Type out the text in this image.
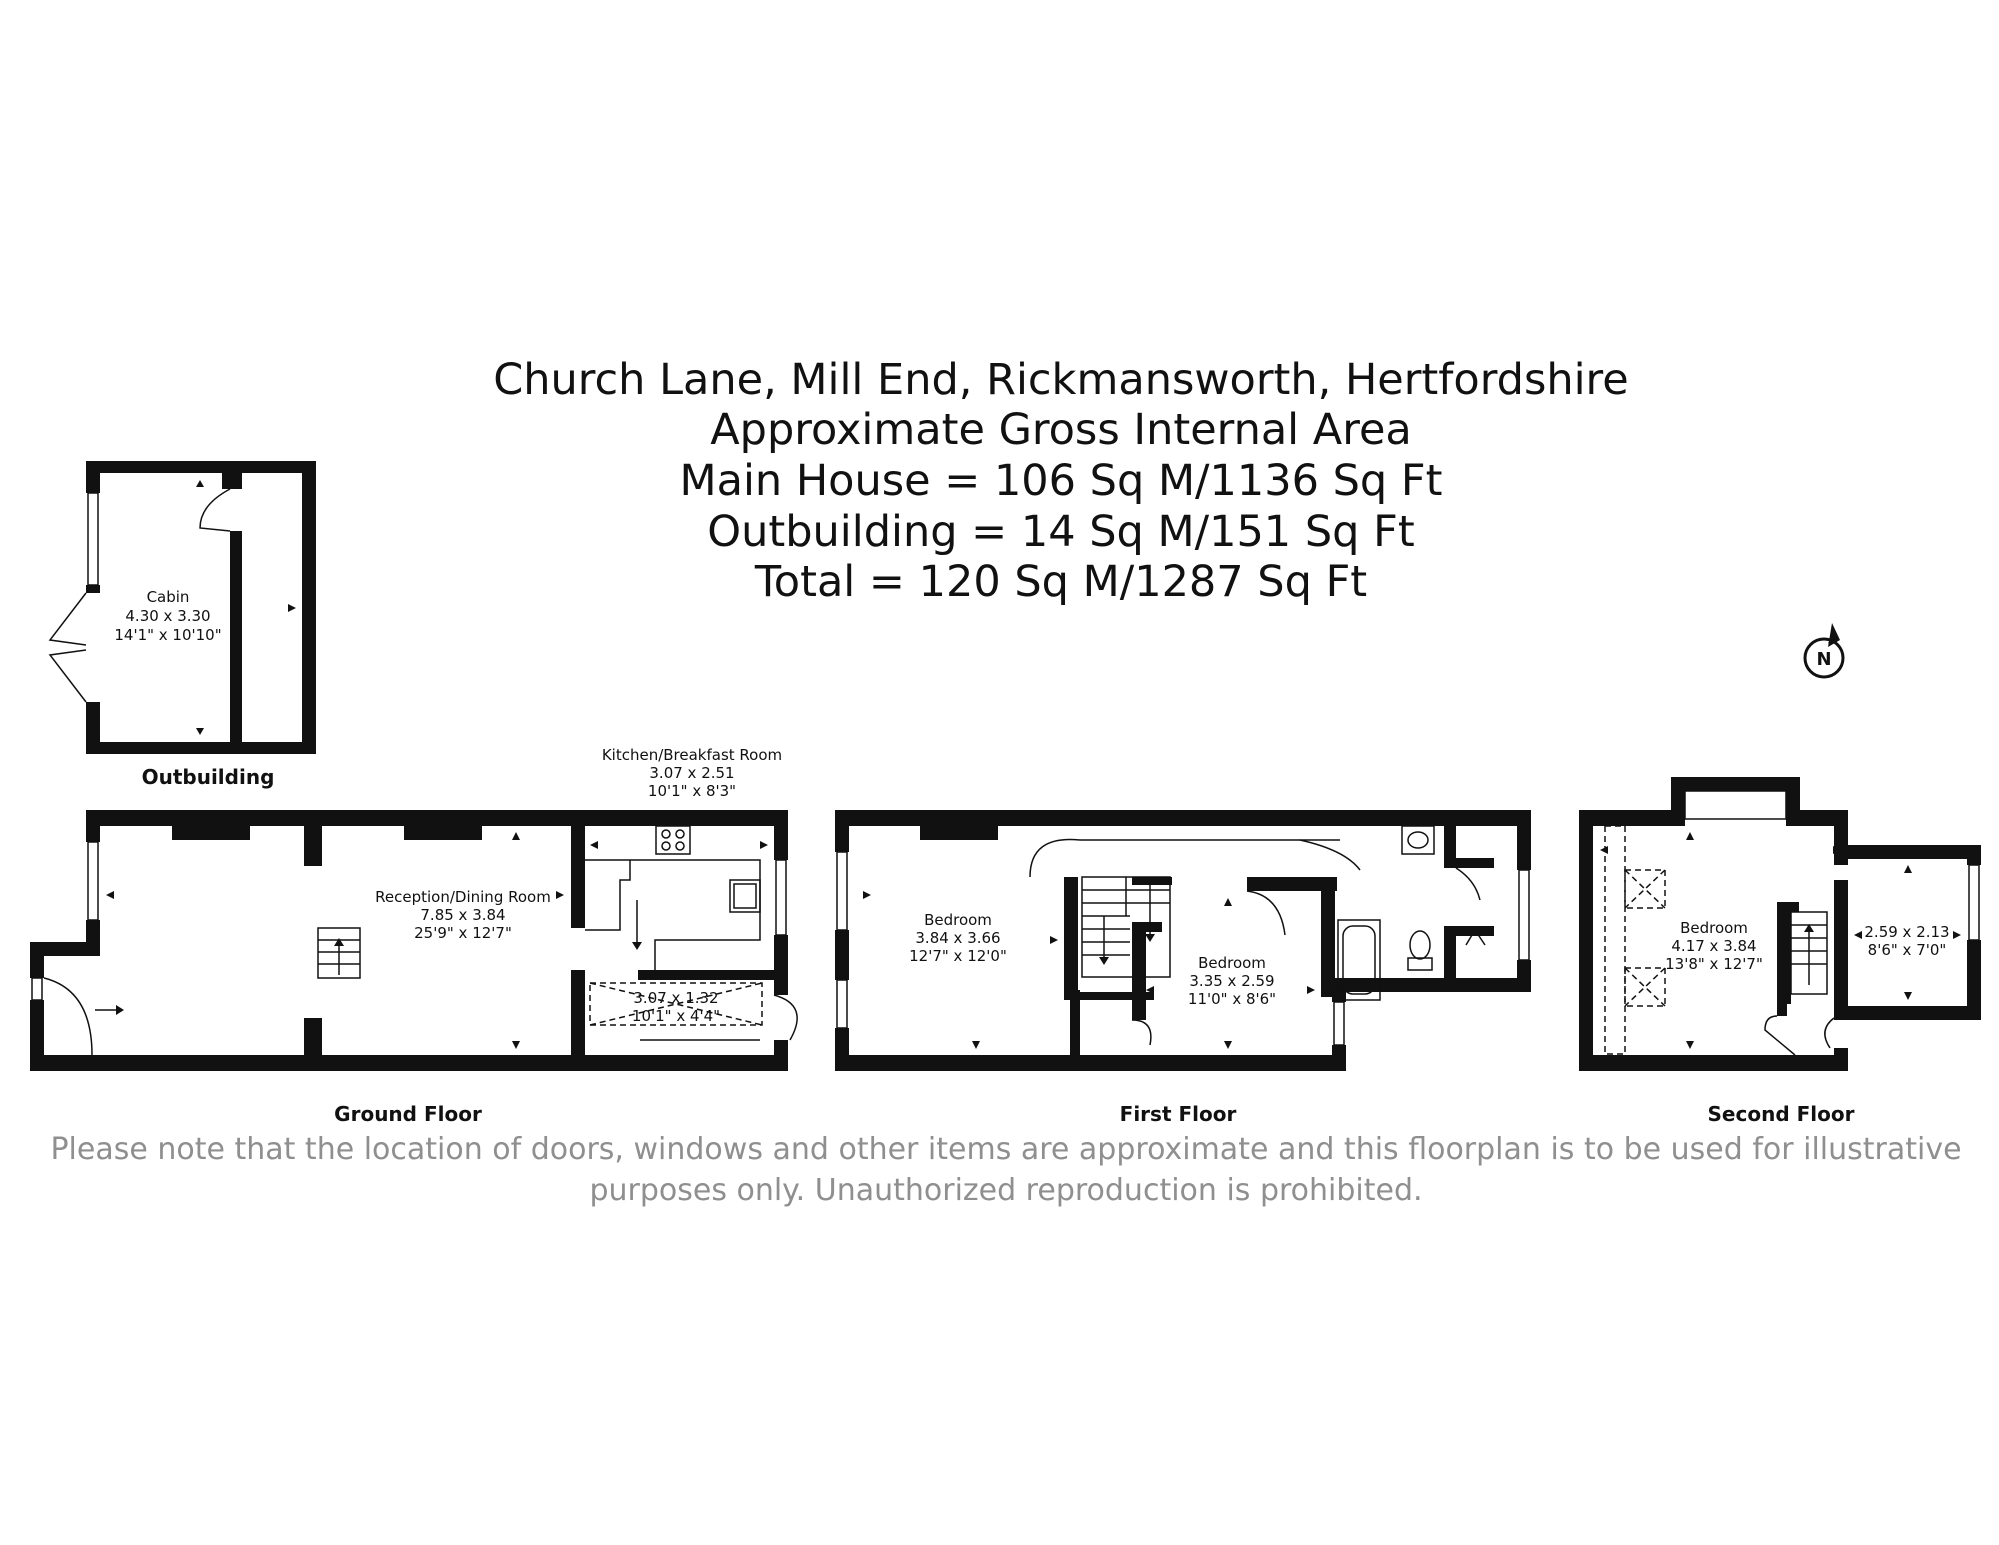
Church Lane, Mill End, Rickmansworth, Hertfordshire
Approximate Gross Internal Area
Main House = 106 Sq M/1136 Sq Ft
Outbuilding = 14 Sq M/151 Sq Ft
Total = 120 Sq M/1287 Sq Ft
N
Cabin
4.30 x 3.30
14'1" x 10'10"
Outbuilding
Reception/Dining Room
7.85 x 3.84
25'9" x 12'7"
Kitchen/Breakfast Room
3.07 x 2.51
10'1" x 8'3"
3.07 x 1.32
10'1" x 4'4"
Ground Floor
Bedroom
3.84 x 3.66
12'7" x 12'0"	Bedroom
3.35 x 2.59
11'0" x 8'6"
First Floor
Bedroom
4.17 x 3.84
13'8" x 12'7"
2.59 x 2.13
8'6" x 7'0"
Second Floor
Please note that the location of doors, windows and other items are approximate and this floorplan is to be used for illustrative
purposes only. Unauthorized reproduction is prohibited.
